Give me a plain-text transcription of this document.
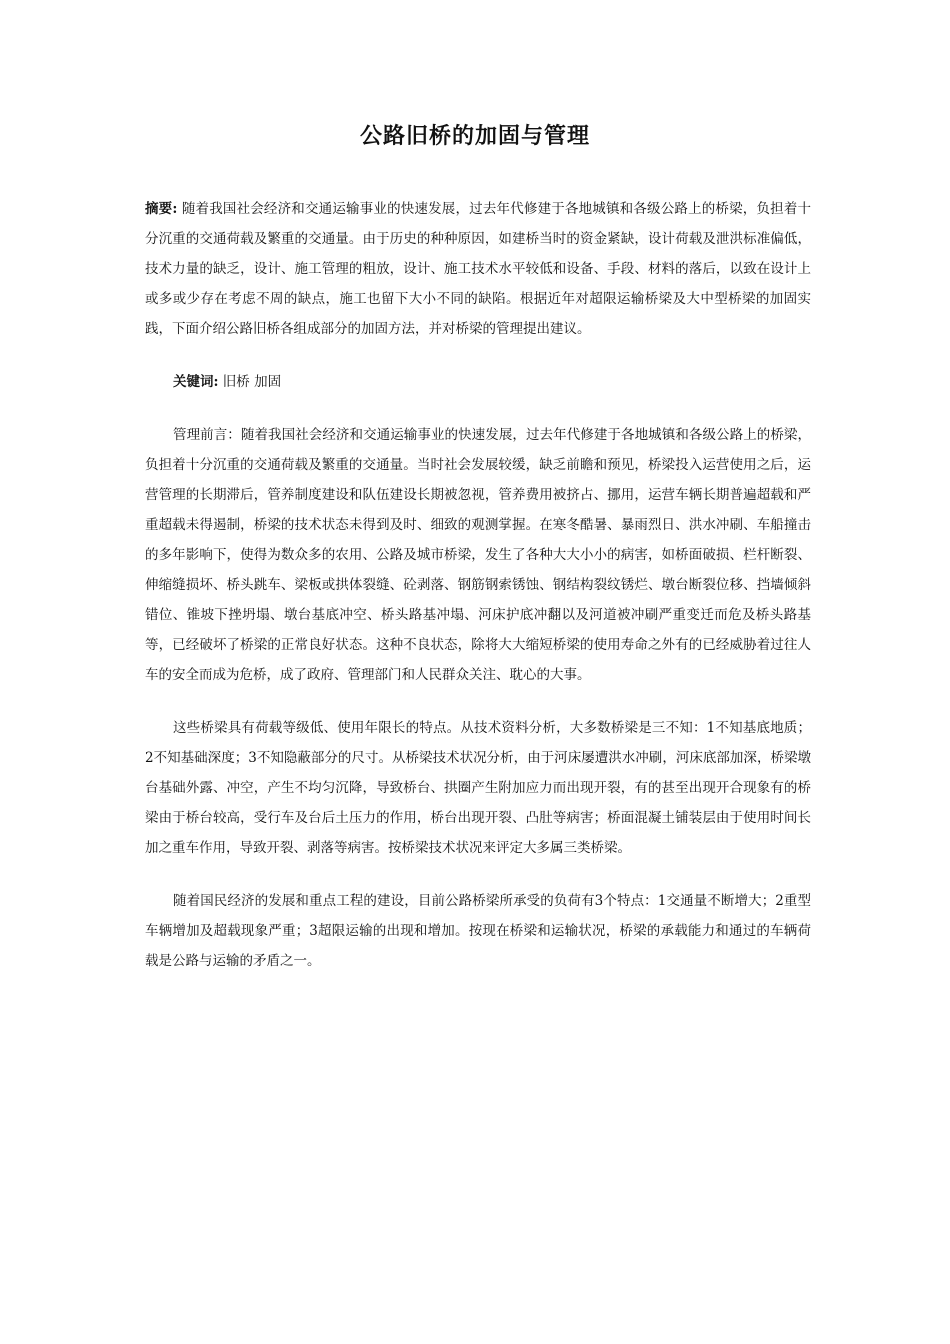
公路旧桥的加固与管理

摘要: 随着我国社会经济和交通运输事业的快速发展，过去年代修建于各地城镇和各级公路上的桥梁，负担着十分沉重的交通荷载及繁重的交通量。由于历史的种种原因，如建桥当时的资金紧缺，设计荷载及泄洪标准偏低，技术力量的缺乏，设计、施工管理的粗放，设计、施工技术水平较低和设备、手段、材料的落后，以致在设计上或多或少存在考虑不周的缺点，施工也留下大小不同的缺陷。根据近年对超限运输桥梁及大中型桥梁的加固实践，下面介绍公路旧桥各组成部分的加固方法，并对桥梁的管理提出建议。

关键词: 旧桥 加固

管理前言：随着我国社会经济和交通运输事业的快速发展，过去年代修建于各地城镇和各级公路上的桥梁，负担着十分沉重的交通荷载及繁重的交通量。当时社会发展较缓，缺乏前瞻和预见，桥梁投入运营使用之后，运营管理的长期滞后，管养制度建设和队伍建设长期被忽视，管养费用被挤占、挪用，运营车辆长期普遍超载和严重超载未得遏制，桥梁的技术状态未得到及时、细致的观测掌握。在寒冬酷暑、暴雨烈日、洪水冲刷、车船撞击的多年影响下，使得为数众多的农用、公路及城市桥梁，发生了各种大大小小的病害，如桥面破损、栏杆断裂、伸缩缝损坏、桥头跳车、梁板或拱体裂缝、砼剥落、钢筋钢索锈蚀、钢结构裂纹锈烂、墩台断裂位移、挡墙倾斜错位、锥坡下挫坍塌、墩台基底冲空、桥头路基冲塌、河床护底冲翻以及河道被冲刷严重变迁而危及桥头路基等，已经破坏了桥梁的正常良好状态。这种不良状态，除将大大缩短桥梁的使用寿命之外有的已经威胁着过往人车的安全而成为危桥，成了政府、管理部门和人民群众关注、耽心的大事。

这些桥梁具有荷载等级低、使用年限长的特点。从技术资料分析，大多数桥梁是三不知：1不知基底地质；2不知基础深度；3不知隐蔽部分的尺寸。从桥梁技术状况分析，由于河床屡遭洪水冲刷，河床底部加深，桥梁墩台基础外露、冲空，产生不均匀沉降，导致桥台、拱圈产生附加应力而出现开裂，有的甚至出现开合现象有的桥梁由于桥台较高，受行车及台后土压力的作用，桥台出现开裂、凸肚等病害；桥面混凝土铺装层由于使用时间长加之重车作用，导致开裂、剥落等病害。按桥梁技术状况来评定大多属三类桥梁。

随着国民经济的发展和重点工程的建设，目前公路桥梁所承受的负荷有3个特点：1交通量不断增大；2重型车辆增加及超载现象严重；3超限运输的出现和增加。按现在桥梁和运输状况，桥梁的承载能力和通过的车辆荷载是公路与运输的矛盾之一。
